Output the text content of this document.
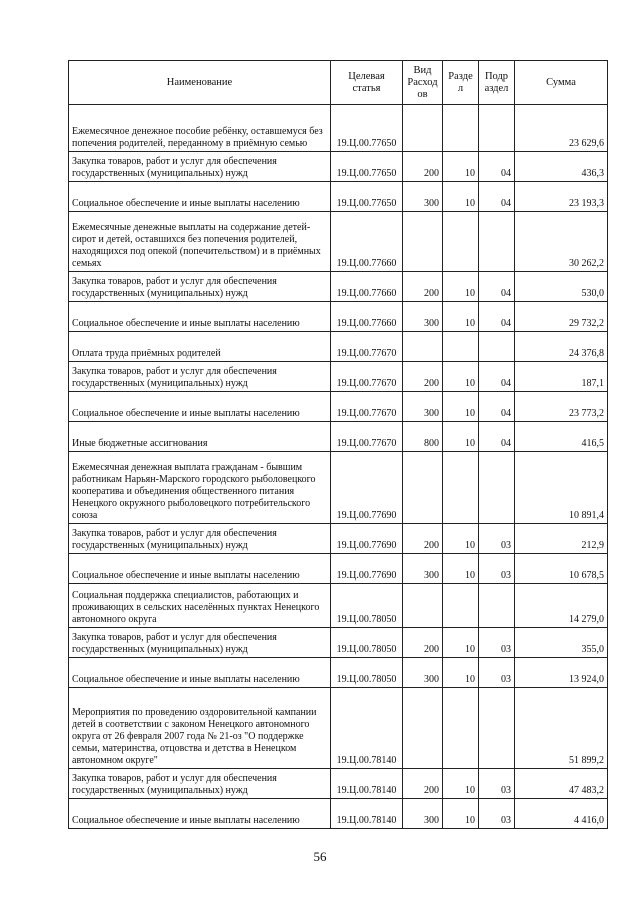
Наименование	Целевая статья	Вид Расход ов	Разде л	Подр аздел	Сумма
Ежемесячное денежное пособие ребёнку, оставшемуся без попечения родителей, переданному в приёмную семью	19.Ц.00.77650				23 629,6
Закупка товаров, работ и услуг для обеспечения государственных (муниципальных) нужд	19.Ц.00.77650	200	10	04	436,3
Социальное обеспечение и иные выплаты населению	19.Ц.00.77650	300	10	04	23 193,3
Ежемесячные денежные выплаты на содержание детей-сирот и детей, оставшихся без попечения родителей, находящихся под опекой (попечительством) и в приёмных семьях	19.Ц.00.77660				30 262,2
Закупка товаров, работ и услуг для обеспечения государственных (муниципальных) нужд	19.Ц.00.77660	200	10	04	530,0
Социальное обеспечение и иные выплаты населению	19.Ц.00.77660	300	10	04	29 732,2
Оплата труда приёмных родителей	19.Ц.00.77670				24 376,8
Закупка товаров, работ и услуг для обеспечения государственных (муниципальных) нужд	19.Ц.00.77670	200	10	04	187,1
Социальное обеспечение и иные выплаты населению	19.Ц.00.77670	300	10	04	23 773,2
Иные бюджетные ассигнования	19.Ц.00.77670	800	10	04	416,5
Ежемесячная денежная выплата гражданам - бывшим работникам Нарьян-Марского городского рыболовецкого кооператива и объединения общественного питания Ненецкого окружного рыболовецкого потребительского союза	19.Ц.00.77690				10 891,4
Закупка товаров, работ и услуг для обеспечения государственных (муниципальных) нужд	19.Ц.00.77690	200	10	03	212,9
Социальное обеспечение и иные выплаты населению	19.Ц.00.77690	300	10	03	10 678,5
Социальная поддержка специалистов, работающих и проживающих в сельских населённых пунктах Ненецкого автономного округа	19.Ц.00.78050				14 279,0
Закупка товаров, работ и услуг для обеспечения государственных (муниципальных) нужд	19.Ц.00.78050	200	10	03	355,0
Социальное обеспечение и иные выплаты населению	19.Ц.00.78050	300	10	03	13 924,0
Мероприятия по проведению оздоровительной кампании детей в соответствии с законом Ненецкого автономного округа от 26 февраля 2007 года № 21-оз "О поддержке семьи, материнства, отцовства и детства в Ненецком автономном округе"	19.Ц.00.78140				51 899,2
Закупка товаров, работ и услуг для обеспечения государственных (муниципальных) нужд	19.Ц.00.78140	200	10	03	47 483,2
Социальное обеспечение и иные выплаты населению	19.Ц.00.78140	300	10	03	4 416,0
56
